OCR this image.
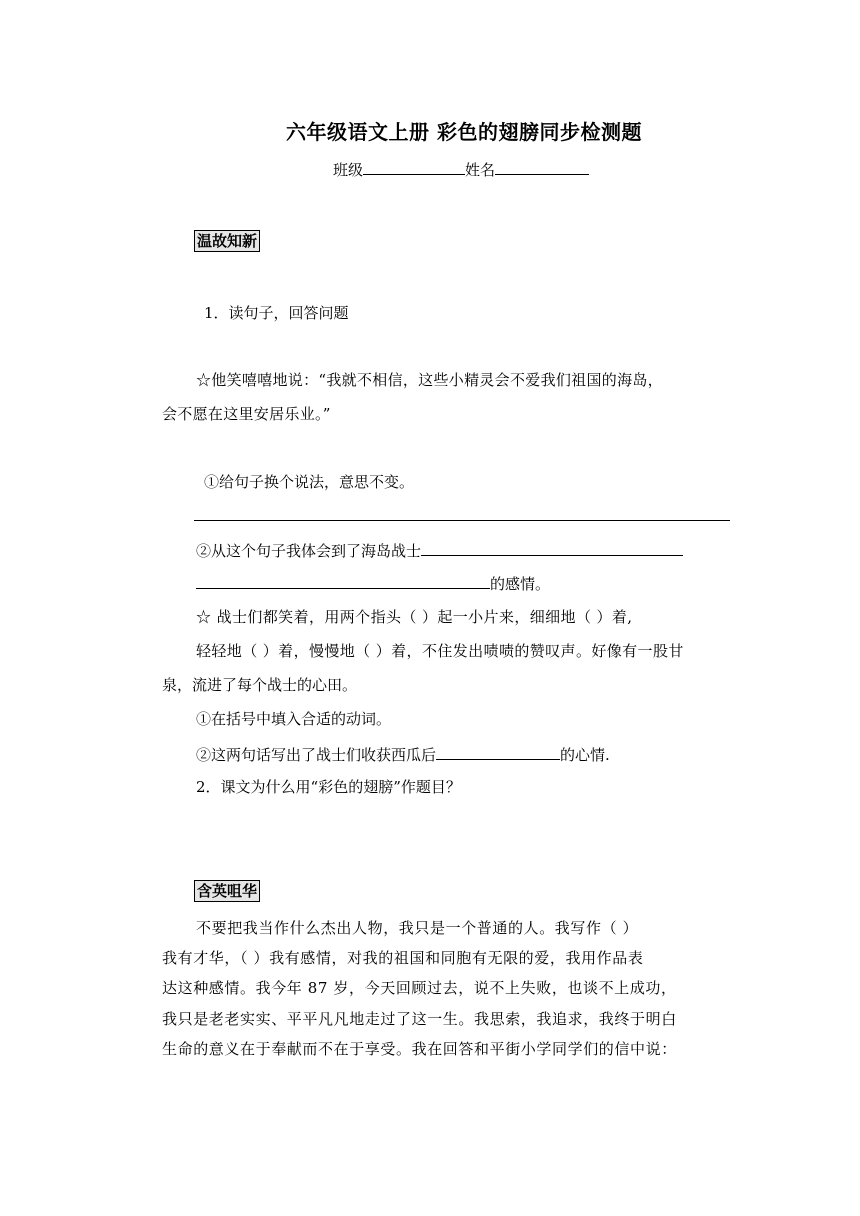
六年级语文上册 彩色的翅膀同步检测题
班级	姓名
温故知新
1．读句子，回答问题
☆他笑嘻嘻地说：“我就不相信，这些小精灵会不爱我们祖国的海岛，
会不愿在这里安居乐业。”
①给句子换个说法，意思不变。
②从这个句子我体会到了海岛战士
的感情。
☆ 战士们都笑着，用两个指头（ ）起一小片来，细细地（ ）着,
轻轻地（ ）着，慢慢地（ ）着，不住发出啧啧的赞叹声。好像有一股甘
泉，流进了每个战士的心田。
①在括号中填入合适的动词。
②这两句话写出了战士们收获西瓜后	的心情.
2．课文为什么用“彩色的翅膀”作题目？
含英咀华
不要把我当作什么杰出人物，我只是一个普通的人。我写作（ ）
我有才华，（ ）我有感情，对我的祖国和同胞有无限的爱，我用作品表
达这种感情。我今年 87 岁，今天回顾过去，说不上失败，也谈不上成功，
我只是老老实实、平平凡凡地走过了这一生。我思索，我追求，我终于明白
生命的意义在于奉献而不在于享受。我在回答和平街小学同学们的信中说：
